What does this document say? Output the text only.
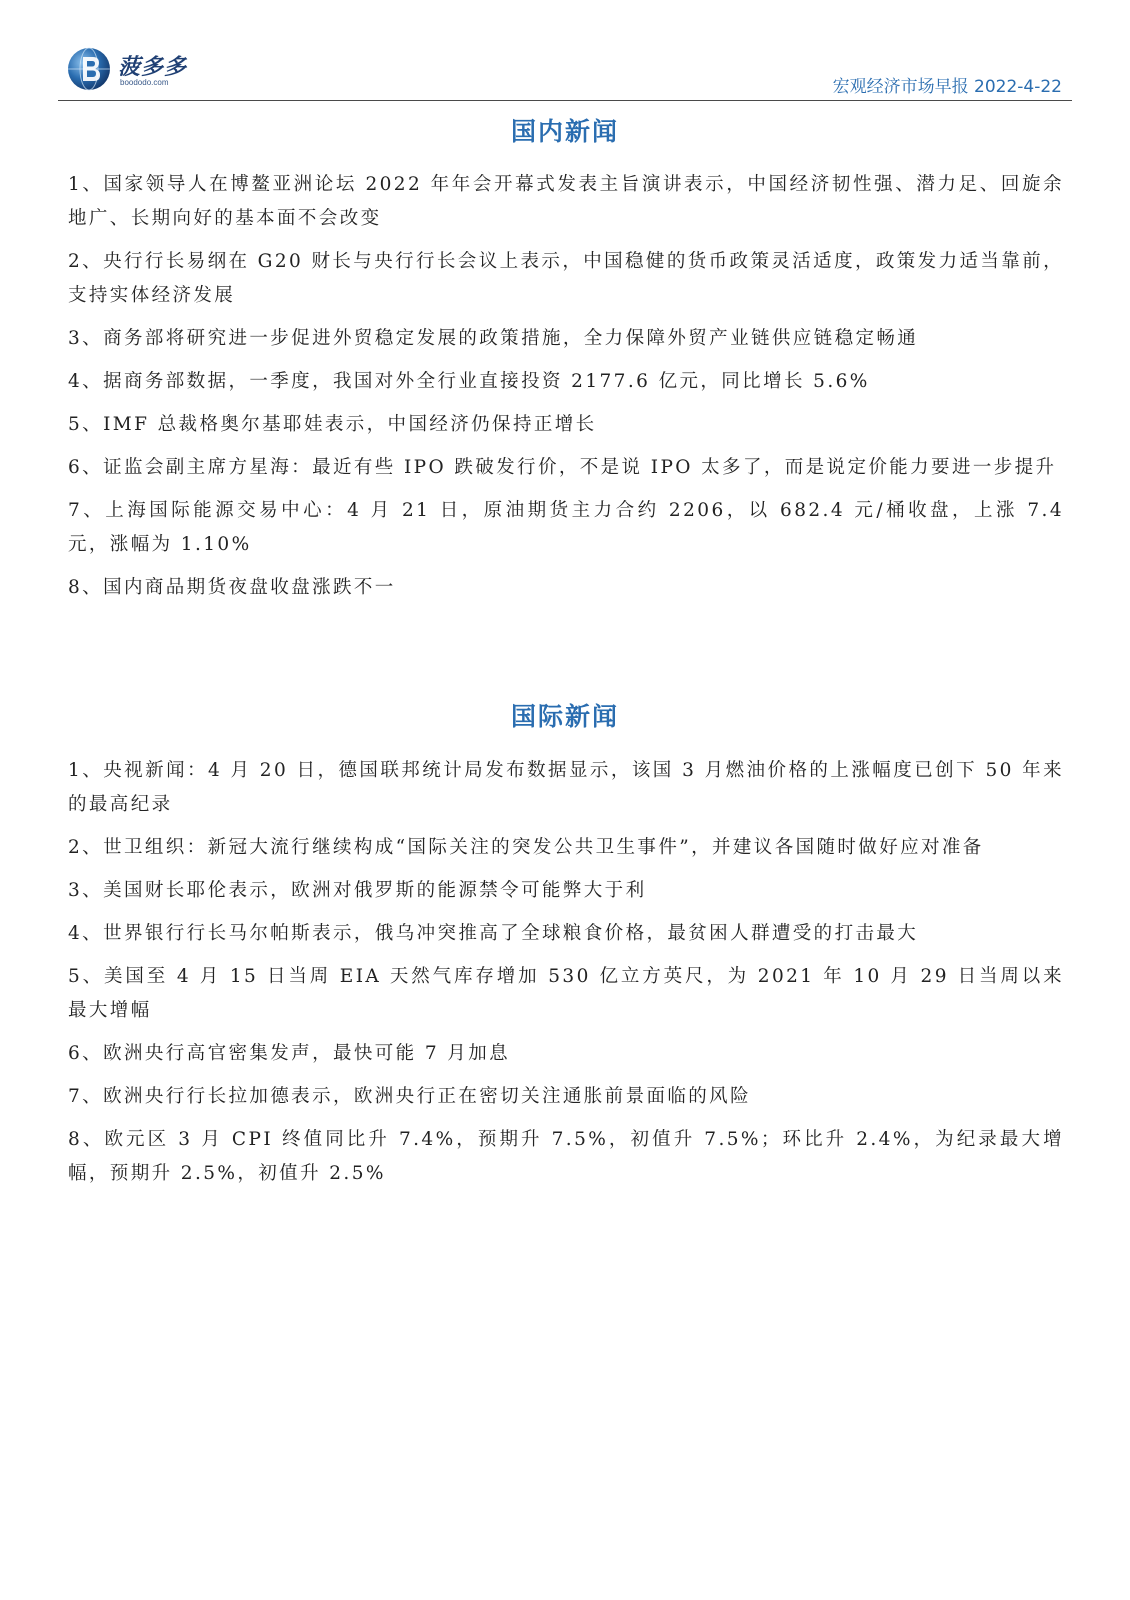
菠多多
boododo.com	宏观经济市场早报 2022-4-22
国内新闻
1、国家领导人在博鳌亚洲论坛 2022 年年会开幕式发表主旨演讲表示，中国经济韧性强、潜力足、回旋余地广、长期向好的基本面不会改变
2、央行行长易纲在 G20 财长与央行行长会议上表示，中国稳健的货币政策灵活适度，政策发力适当靠前，支持实体经济发展
3、商务部将研究进一步促进外贸稳定发展的政策措施，全力保障外贸产业链供应链稳定畅通
4、据商务部数据，一季度，我国对外全行业直接投资 2177.6 亿元，同比增长 5.6%
5、IMF 总裁格奥尔基耶娃表示，中国经济仍保持正增长
6、证监会副主席方星海：最近有些 IPO 跌破发行价，不是说 IPO 太多了，而是说定价能力要进一步提升
7、上海国际能源交易中心：4 月 21 日，原油期货主力合约 2206，以 682.4 元/桶收盘，上涨 7.4 元，涨幅为 1.10%
8、国内商品期货夜盘收盘涨跌不一
国际新闻
1、央视新闻：4 月 20 日，德国联邦统计局发布数据显示，该国 3 月燃油价格的上涨幅度已创下 50 年来的最高纪录
2、世卫组织：新冠大流行继续构成“国际关注的突发公共卫生事件”，并建议各国随时做好应对准备
3、美国财长耶伦表示，欧洲对俄罗斯的能源禁令可能弊大于利
4、世界银行行长马尔帕斯表示，俄乌冲突推高了全球粮食价格，最贫困人群遭受的打击最大
5、美国至 4 月 15 日当周 EIA 天然气库存增加 530 亿立方英尺，为 2021 年 10 月 29 日当周以来最大增幅
6、欧洲央行高官密集发声，最快可能 7 月加息
7、欧洲央行行长拉加德表示，欧洲央行正在密切关注通胀前景面临的风险
8、欧元区 3 月 CPI 终值同比升 7.4%，预期升 7.5%，初值升 7.5%；环比升 2.4%，为纪录最大增幅，预期升 2.5%，初值升 2.5%
